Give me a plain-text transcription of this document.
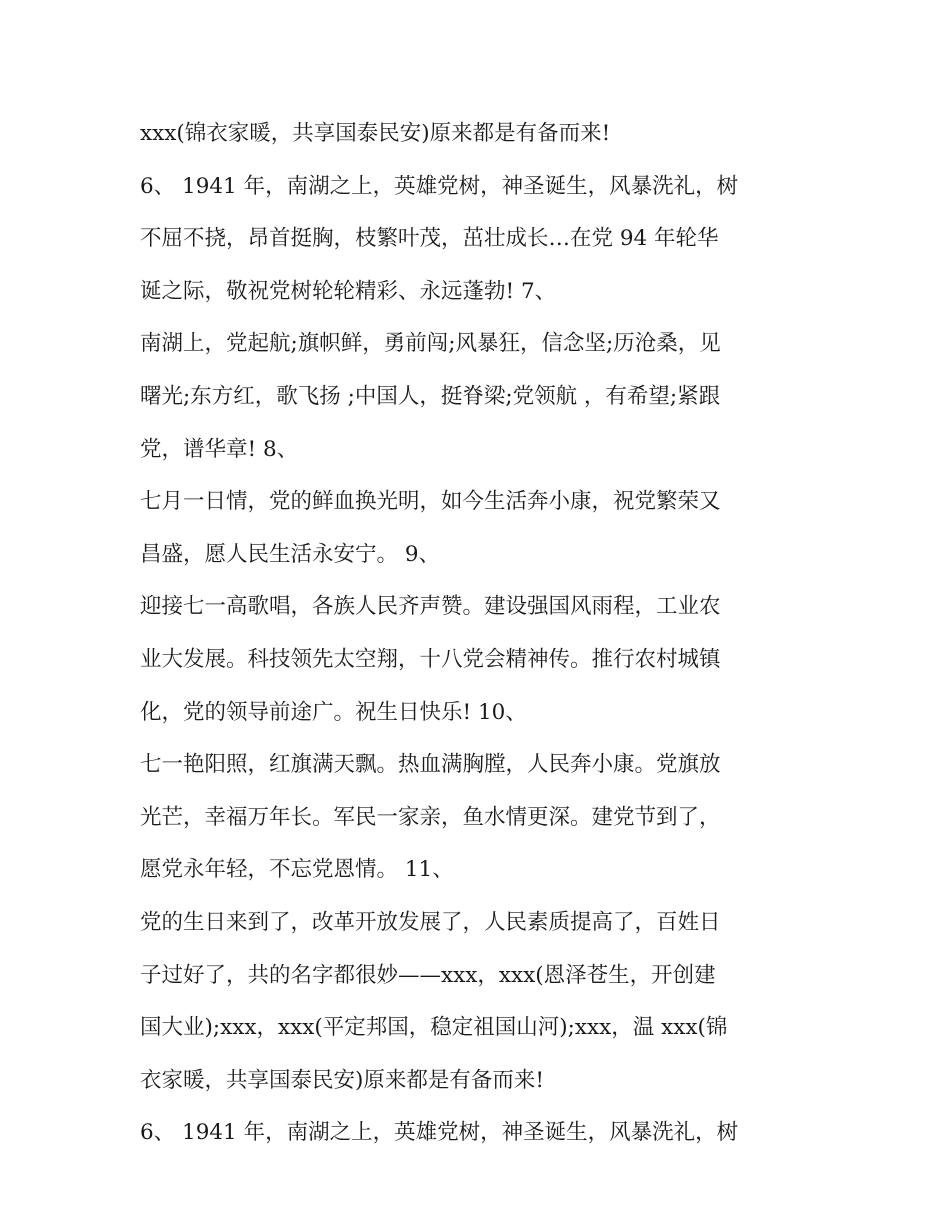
xxx(锦衣家暖，共享国泰民安)原来都是有备而来!
6、 1941 年，南湖之上，英雄党树，神圣诞生，风暴洗礼，树
不屈不挠，昂首挺胸，枝繁叶茂，茁壮成长…在党 94 年轮华
诞之际，敬祝党树轮轮精彩、永远蓬勃! 7、
南湖上，党起航;旗帜鲜，勇前闯;风暴狂，信念坚;历沧桑，见
曙光;东方红，歌飞扬 ;中国人，挺脊梁;党领航 ，有希望;紧跟
党，谱华章! 8、
七月一日情，党的鲜血换光明，如今生活奔小康，祝党繁荣又
昌盛，愿人民生活永安宁。 9、
迎接七一高歌唱，各族人民齐声赞。建设强国风雨程，工业农
业大发展。科技领先太空翔，十八党会精神传。推行农村城镇
化，党的领导前途广。祝生日快乐! 10、
七一艳阳照，红旗满天飘。热血满胸膛，人民奔小康。党旗放
光芒，幸福万年长。军民一家亲，鱼水情更深。建党节到了，
愿党永年轻，不忘党恩情。 11、
党的生日来到了，改革开放发展了，人民素质提高了，百姓日
子过好了，共的名字都很妙——xxx，xxx(恩泽苍生，开创建
国大业);xxx，xxx(平定邦国，稳定祖国山河);xxx，温 xxx(锦
衣家暖，共享国泰民安)原来都是有备而来!
6、 1941 年，南湖之上，英雄党树，神圣诞生，风暴洗礼，树
